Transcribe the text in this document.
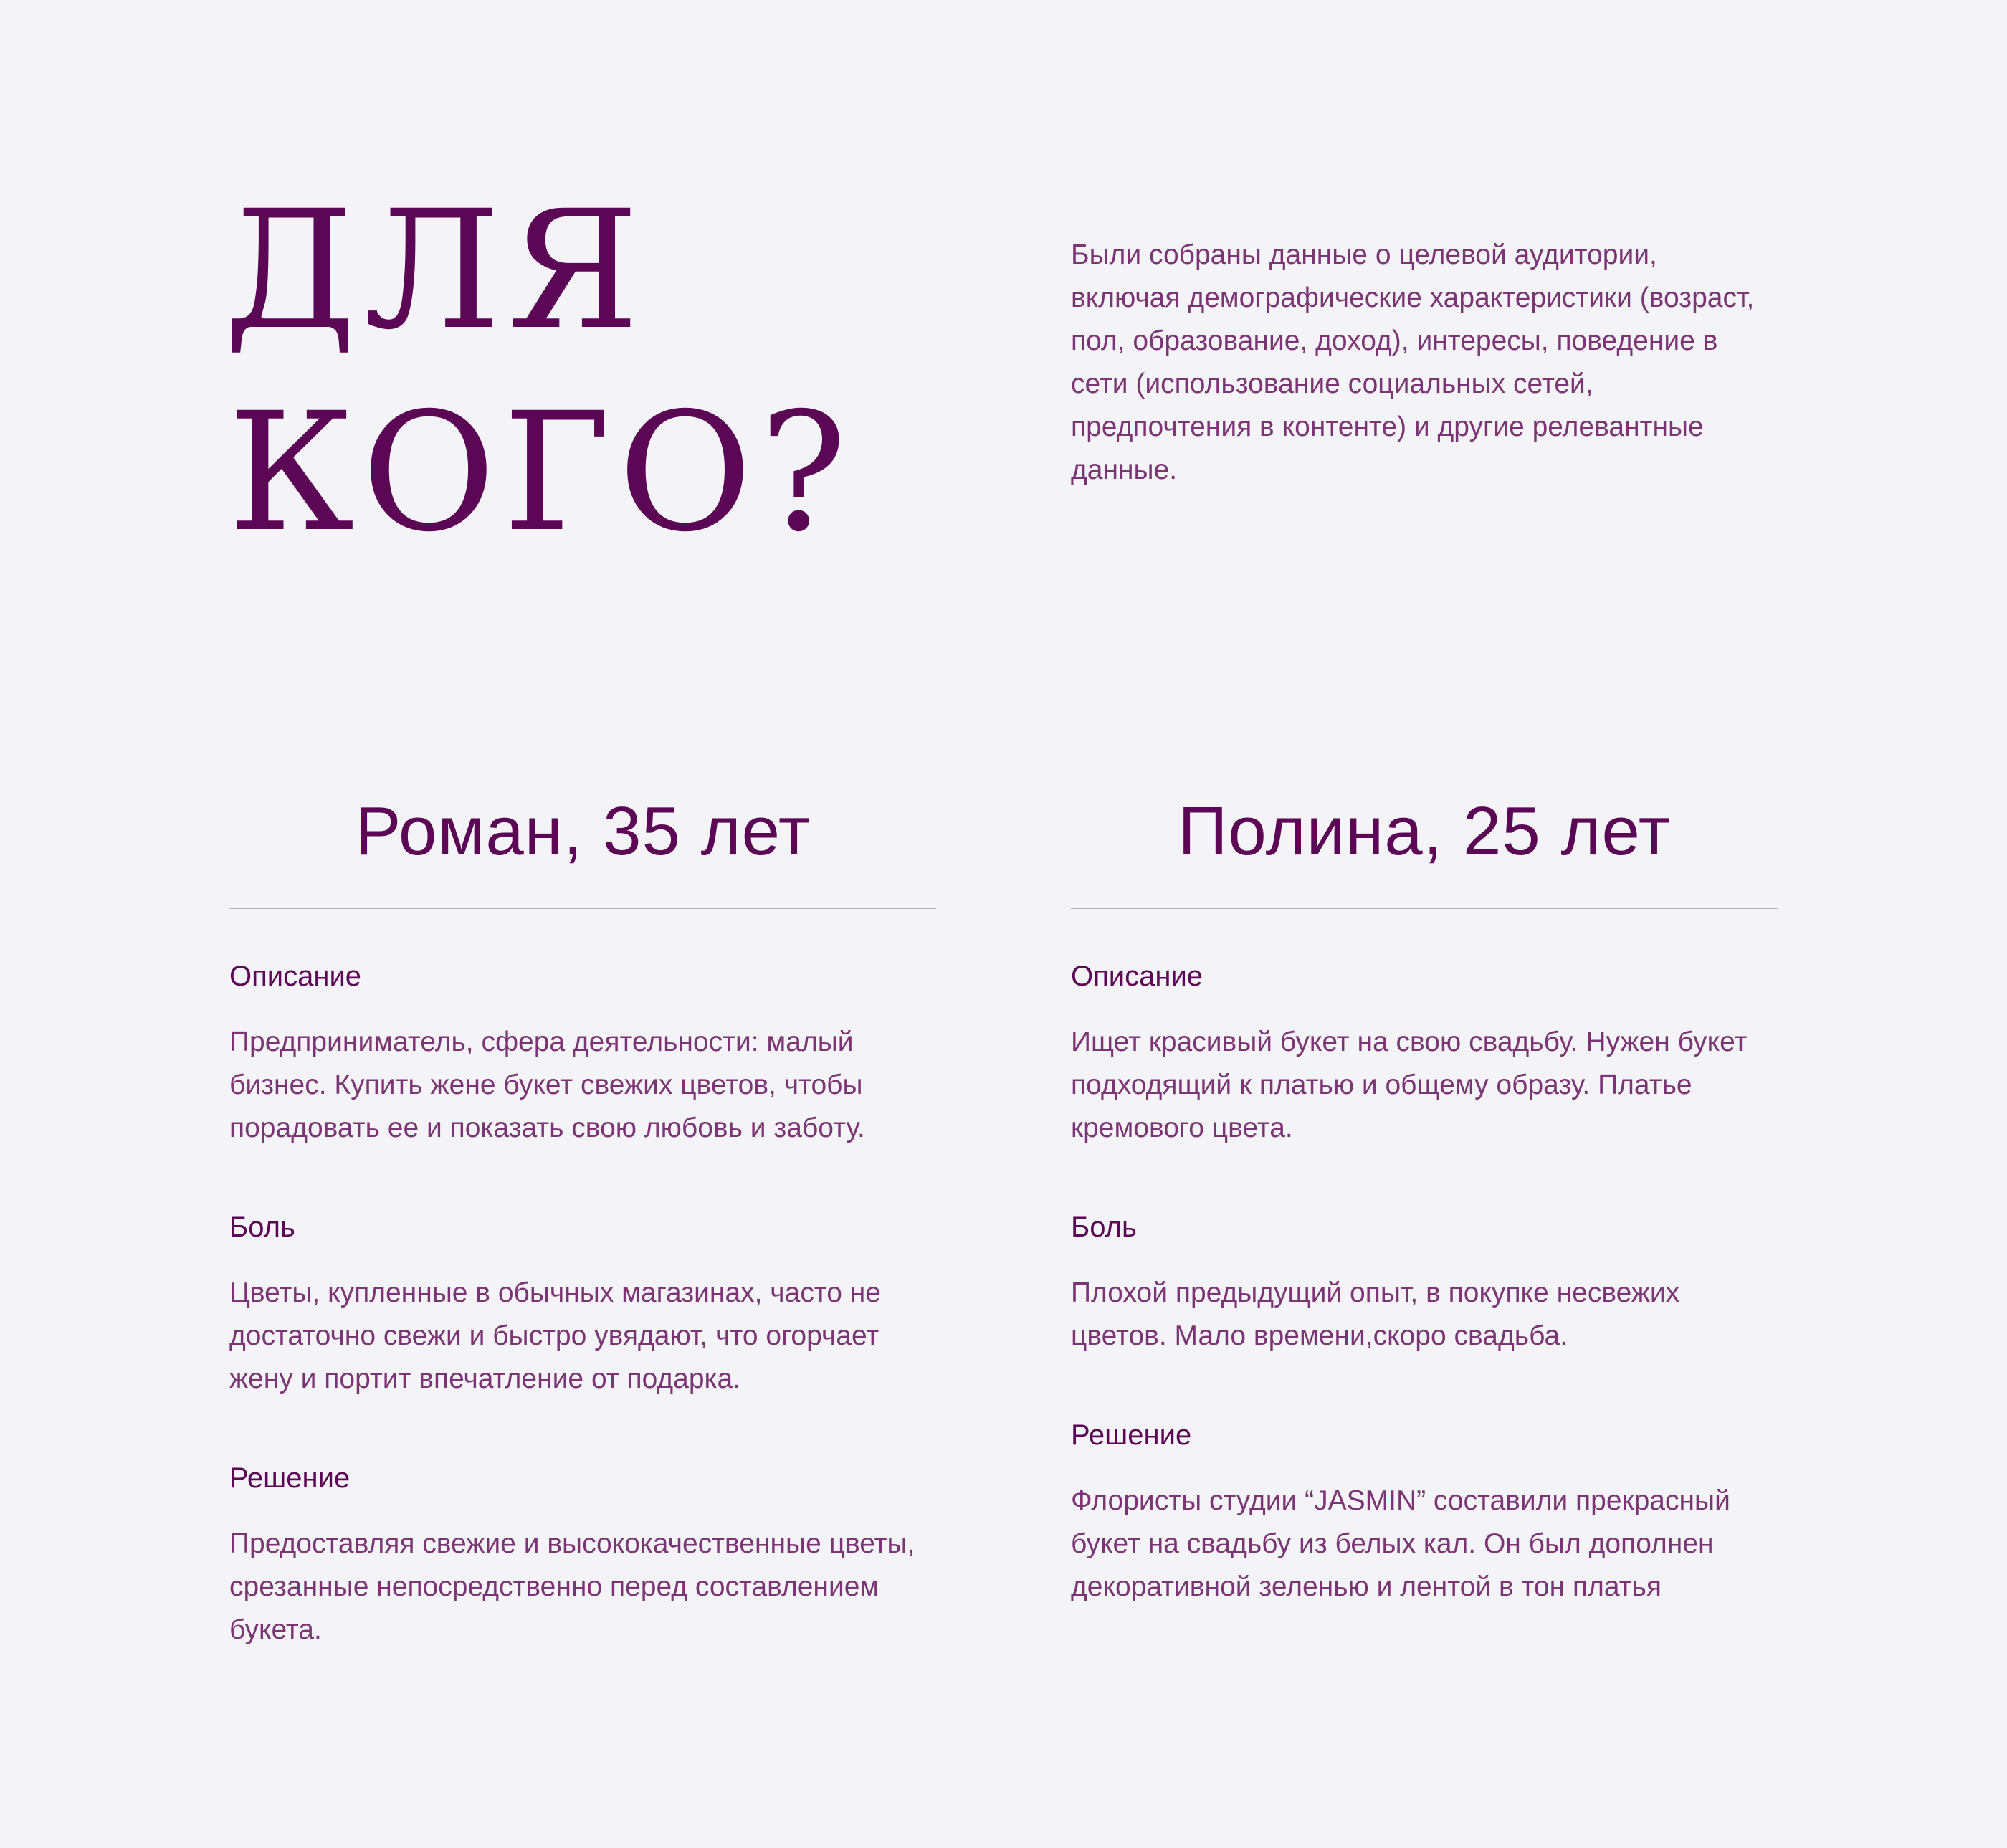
ДЛЯ
КОГО?

Были собраны данные о целевой аудитории, включая демографические характеристики (возраст, пол, образование, доход), интересы, поведение в сети (использование социальных сетей, предпочтения в контенте) и другие релевантные данные.

Роман, 35 лет
Описание

Предприниматель, сфера деятельности: малый бизнес. Купить жене букет свежих цветов, чтобы порадовать ее и показать свою любовь и заботу.

Боль

Цветы, купленные в обычных магазинах, часто не достаточно свежи и быстро увядают, что огорчает жену и портит впечатление от подарка.

Решение

Предоставляя свежие и высококачественные цветы, срезанные непосредственно перед составлением букета.

Полина, 25 лет
Описание

Ищет красивый букет на свою свадьбу. Нужен букет подходящий к платью и общему образу. Платье кремового цвета.

Боль

Плохой предыдущий опыт, в покупке несвежих цветов. Мало времени,скоро свадьба.

Решение

Флористы студии “JASMIN” составили прекрасный букет на свадьбу из белых кал. Он был дополнен декоративной зеленью и лентой в тон платья
